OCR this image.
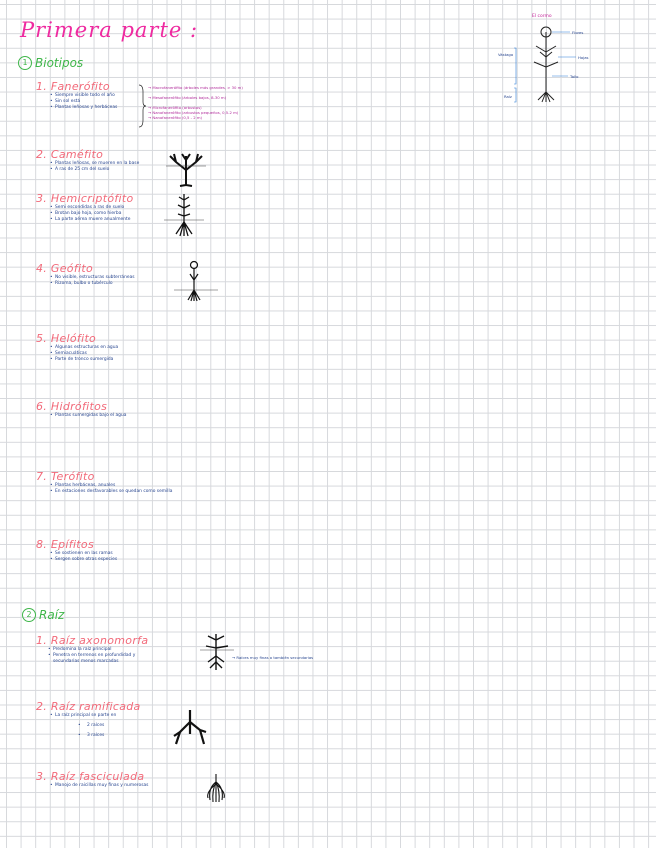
Primera parte :
El cormo
Flores
Hojas
Tallo
Raíz
Vástago
1 Biotipos
1. Fanerófito
• Siempre visible todo el año
• Sin sol está
• Plantas leñosas y herbáceas
→ Macrofanerófito (árboles más grandes, > 30 m)
→ Mesofanerófito (árboles bajos, 8-30 m)
→ Microfanerófito (arbustos)
→ Nanofanerófito (arbustos pequeños, 0,5-2 m)
→ Nanofanerófito (0,5 - 2 m)
2. Caméfito
• Plantas leñosas, se mueren en la base
• A ras de 25 cm del suelo
3. Hemicriptófito
• Semi escondidas a ras de suelo
• Brotan bajo hoja, como hierba
• La parte aérea muere anualmente
4. Geófito
• No visible, estructuras subterráneas
• Rizoma, bulbo o tubérculo
5. Helófito
• Algunas estructuras en agua
• Semiacuáticas
• Parte de tronco sumergida
6. Hidrófitos
• Plantas sumergidas bajo el agua
7. Terófito
• Plantas herbáceas, anuales
• En estaciones desfavorables se quedan como semilla
8. Epífitos
• Se sostienen en las ramas
• Sergen sobre otras especies
2 Raíz
1. Raíz axonomorfa
• Predomina la raíz principal
• Penetra en terrenos en profundidad y secundarias menos marcadas
→ Raíces muy finas o también secundarias
2. Raíz ramificada
• La raíz principal se parte en
• 2 raíces
• 3 raíces
3. Raíz fasciculada
• Manojo de raicillas muy finas y numerosas
